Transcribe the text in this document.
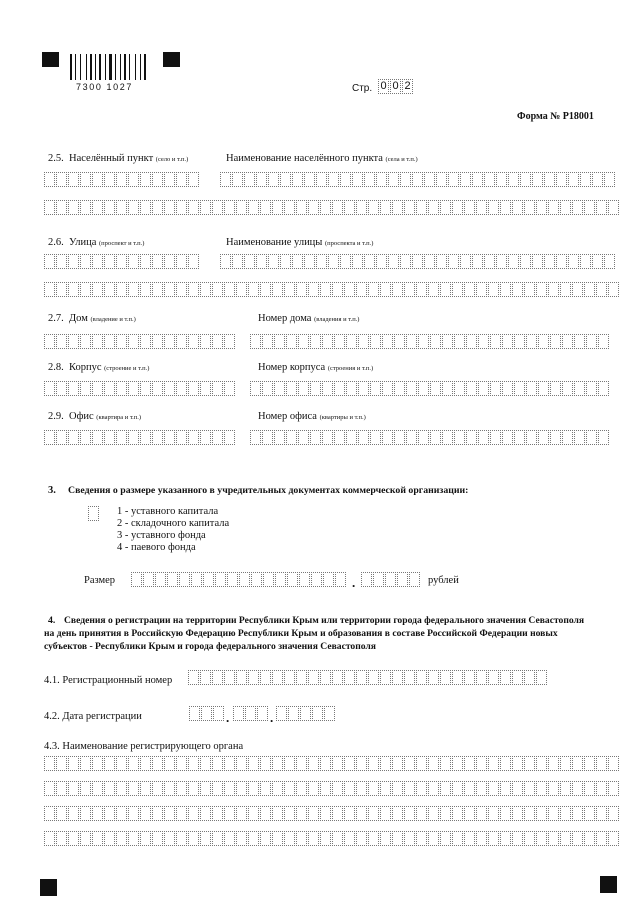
7300 1027	Стр. 0 0 2
Форма № Р18001
2.5. Населённый пункт (село и т.п.)	Наименование населённого пункта (села и т.п.)
2.6. Улица (проспект и т.п.)	Наименование улицы (проспекта и т.п.)
2.7. Дом (владение и т.п.)	Номер дома (владения и т.п.)
2.8. Корпус (строение и т.п.)	Номер корпуса (строения и т.п.)
2.9. Офис (квартира и т.п.)	Номер офиса (квартиры и т.п.)
3. Сведения о размере указанного в учредительных документах коммерческой организации:
1 - уставного капитала
2 - складочного капитала
3 - уставного фонда
4 - паевого фонда
Размер	.	рублей
4. Сведения о регистрации на территории Республики Крым или территории города федерального значения Севастополя
на день принятия в Российскую Федерацию Республики Крым и образования в составе Российской Федерации новых
субъектов - Республики Крым и города федерального значения Севастополя
4.1. Регистрационный номер
4.2. Дата регистрации	.	.
4.3. Наименование регистрирующего органа
